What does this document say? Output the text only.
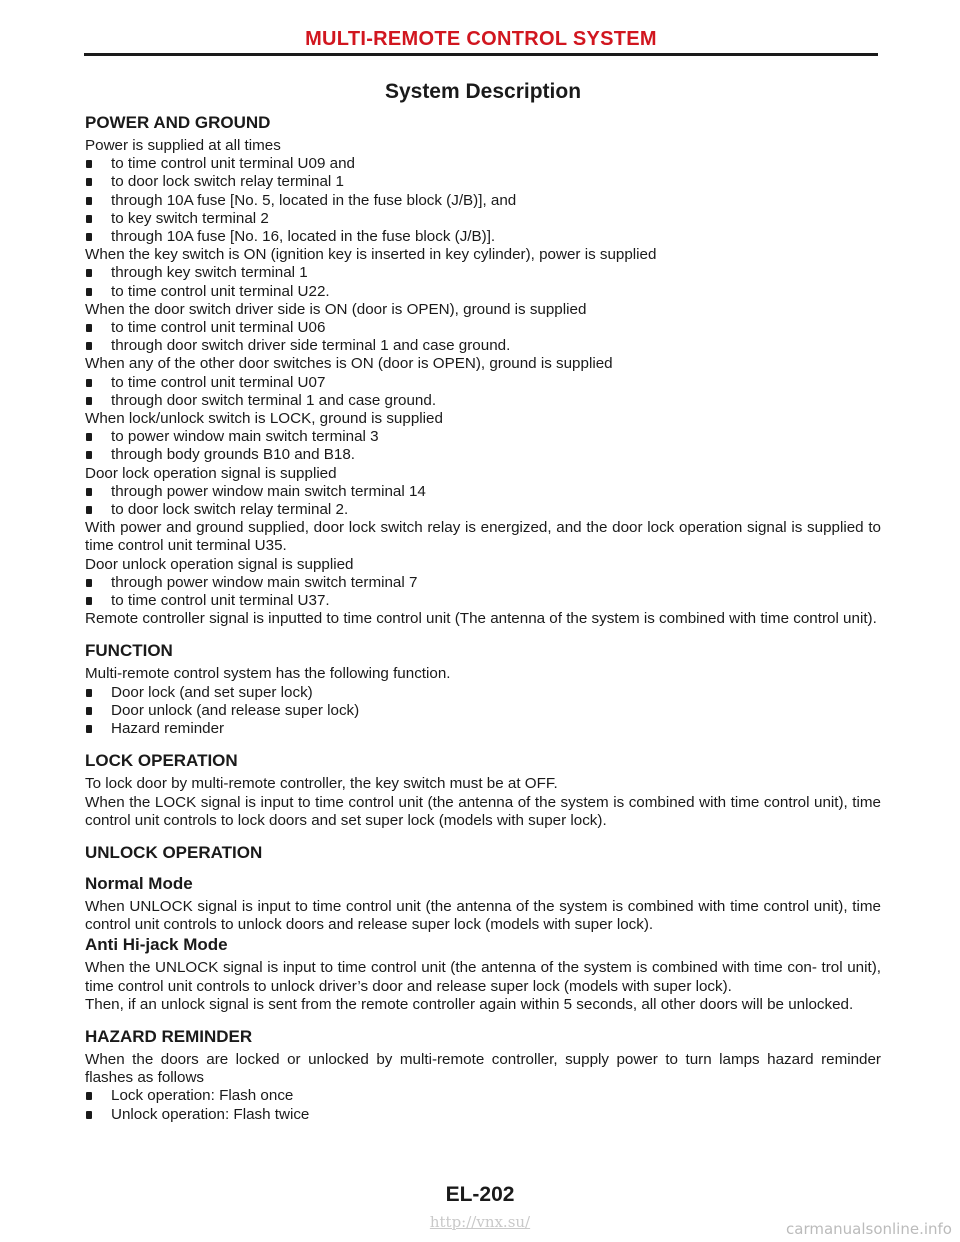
MULTI-REMOTE CONTROL SYSTEM
System Description
POWER AND GROUND

Power is supplied at all times

to time control unit terminal U09 and

to door lock switch relay terminal 1

through 10A fuse [No. 5, located in the fuse block (J/B)], and

to key switch terminal 2

through 10A fuse [No. 16, located in the fuse block (J/B)].

When the key switch is ON (ignition key is inserted in key cylinder), power is supplied

through key switch terminal 1

to time control unit terminal U22.

When the door switch driver side is ON (door is OPEN), ground is supplied

to time control unit terminal U06

through door switch driver side terminal 1 and case ground.

When any of the other door switches is ON (door is OPEN), ground is supplied

to time control unit terminal U07

through door switch terminal 1 and case ground.

When lock/unlock switch is LOCK, ground is supplied

to power window main switch terminal 3

through body grounds B10 and B18.

Door lock operation signal is supplied

through power window main switch terminal 14

to door lock switch relay terminal 2.

With power and ground supplied, door lock switch relay is energized, and the door lock operation signal is supplied to time control unit terminal U35.

Door unlock operation signal is supplied

through power window main switch terminal 7

to time control unit terminal U37.

Remote controller signal is inputted to time control unit (The antenna of the system is combined with time control unit).

FUNCTION

Multi-remote control system has the following function.

Door lock (and set super lock)

Door unlock (and release super lock)

Hazard reminder

LOCK OPERATION

To lock door by multi-remote controller, the key switch must be at OFF.

When the LOCK signal is input to time control unit (the antenna of the system is combined with time control unit), time control unit controls to lock doors and set super lock (models with super lock).

UNLOCK OPERATION
Normal Mode

When UNLOCK signal is input to time control unit (the antenna of the system is combined with time control unit), time control unit controls to unlock doors and release super lock (models with super lock).

Anti Hi-jack Mode

When the UNLOCK signal is input to time control unit (the antenna of the system is combined with time con- trol unit), time control unit controls to unlock driver’s door and release super lock (models with super lock).

Then, if an unlock signal is sent from the remote controller again within 5 seconds, all other doors will be unlocked.

HAZARD REMINDER

When the doors are locked or unlocked by multi-remote controller, supply power to turn lamps hazard reminder flashes as follows

Lock operation: Flash once

Unlock operation: Flash twice

EL-202
http://vnx.su/	carmanualsonline.info
